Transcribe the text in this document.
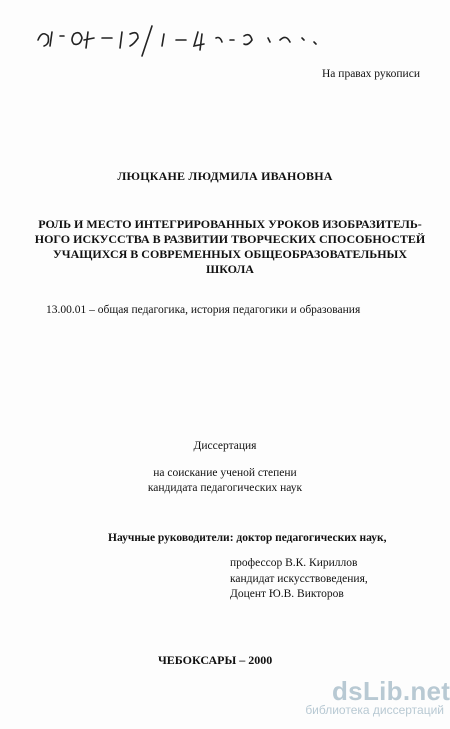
На правах рукописи
ЛЮЦКАНЕ ЛЮДМИЛА ИВАНОВНА
РОЛЬ И МЕСТО ИНТЕГРИРОВАННЫХ УРОКОВ ИЗОБРАЗИТЕЛЬ-
НОГО ИСКУССТВА В РАЗВИТИИ ТВОРЧЕСКИХ СПОСОБНОСТЕЙ
УЧАЩИХСЯ В СОВРЕМЕННЫХ ОБЩЕОБРАЗОВАТЕЛЬНЫХ
ШКОЛА
13.00.01 – общая педагогика, история педагогики и образования
Диссертация
на соискание ученой степени
кандидата педагогических наук
Научные руководители: доктор педагогических наук,
профессор В.К. Кириллов
кандидат искусствоведения,
Доцент Ю.В. Викторов
ЧЕБОКСАРЫ – 2000
dsLib.net
библиотека диссертаций
